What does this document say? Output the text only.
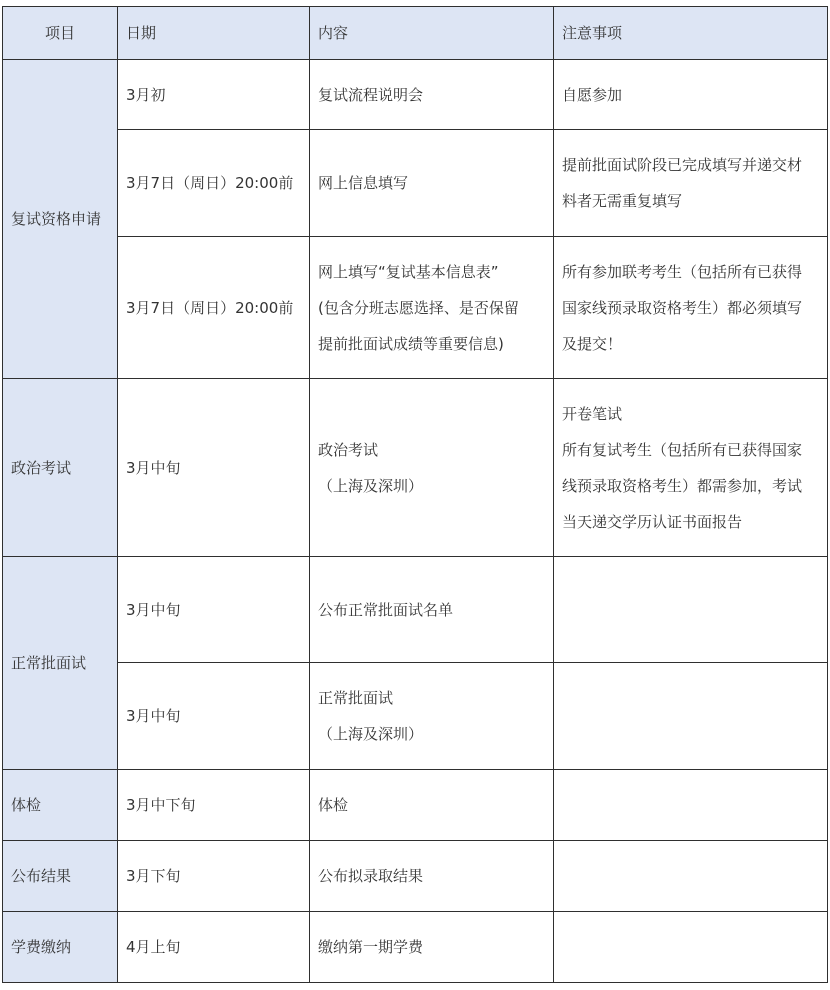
项目	日期	内容	注意事项
复试资格申请	3月初	复试流程说明会	自愿参加

	3月7日（周日）20:00前	网上信息填写	提前批面试阶段已完成填写并递交材
料者无需重复填写

	3月7日（周日）20:00前	网上填写“复试基本信息表”
(包含分班志愿选择、是否保留
提前批面试成绩等重要信息)	所有参加联考考生（包括所有已获得
国家线预录取资格考生）都必须填写
及提交！

政治考试	3月中旬	政治考试
（上海及深圳）	开卷笔试
所有复试考生（包括所有已获得国家
线预录取资格考生）都需参加，考试
当天递交学历认证书面报告

正常批面试	3月中旬	公布正常批面试名单	

	3月中旬	正常批面试
（上海及深圳）	

体检	3月中下旬	体检	

公布结果	3月下旬	公布拟录取结果	

学费缴纳	4月上旬	缴纳第一期学费	
